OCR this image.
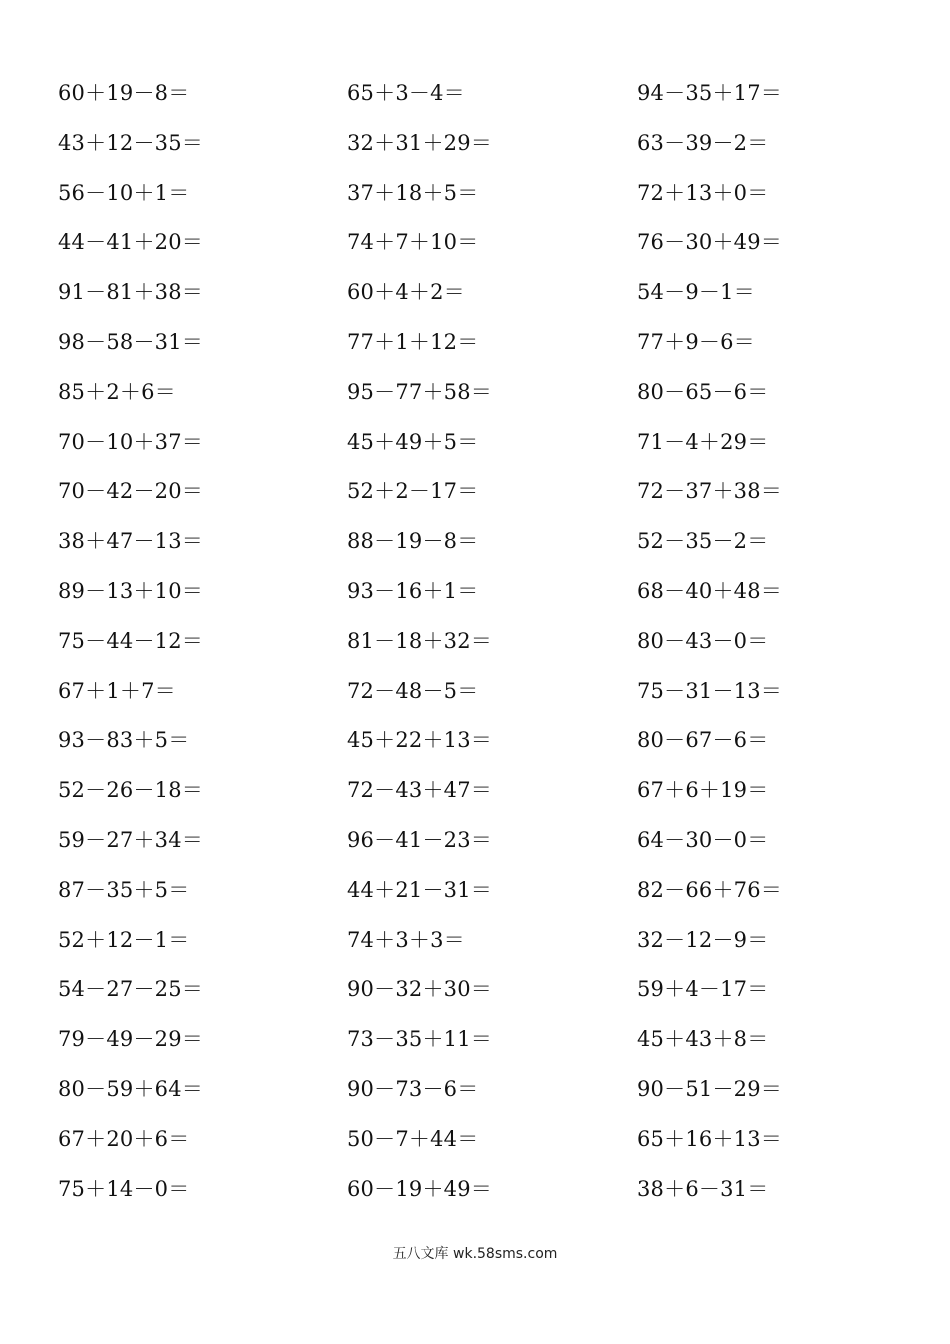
60＋19－8＝	65＋3－4＝	94－35＋17＝
43＋12－35＝	32＋31＋29＝	63－39－2＝
56－10＋1＝	37＋18＋5＝	72＋13＋0＝
44－41＋20＝	74＋7＋10＝	76－30＋49＝
91－81＋38＝	60＋4＋2＝	54－9－1＝
98－58－31＝	77＋1＋12＝	77＋9－6＝
85＋2＋6＝	95－77＋58＝	80－65－6＝
70－10＋37＝	45＋49＋5＝	71－4＋29＝
70－42－20＝	52＋2－17＝	72－37＋38＝
38＋47－13＝	88－19－8＝	52－35－2＝
89－13＋10＝	93－16＋1＝	68－40＋48＝
75－44－12＝	81－18＋32＝	80－43－0＝
67＋1＋7＝	72－48－5＝	75－31－13＝
93－83＋5＝	45＋22＋13＝	80－67－6＝
52－26－18＝	72－43＋47＝	67＋6＋19＝
59－27＋34＝	96－41－23＝	64－30－0＝
87－35＋5＝	44＋21－31＝	82－66＋76＝
52＋12－1＝	74＋3＋3＝	32－12－9＝
54－27－25＝	90－32＋30＝	59＋4－17＝
79－49－29＝	73－35＋11＝	45＋43＋8＝
80－59＋64＝	90－73－6＝	90－51－29＝
67＋20＋6＝	50－7＋44＝	65＋16＋13＝
75＋14－0＝	60－19＋49＝	38＋6－31＝
五八文库 wk.58sms.com
